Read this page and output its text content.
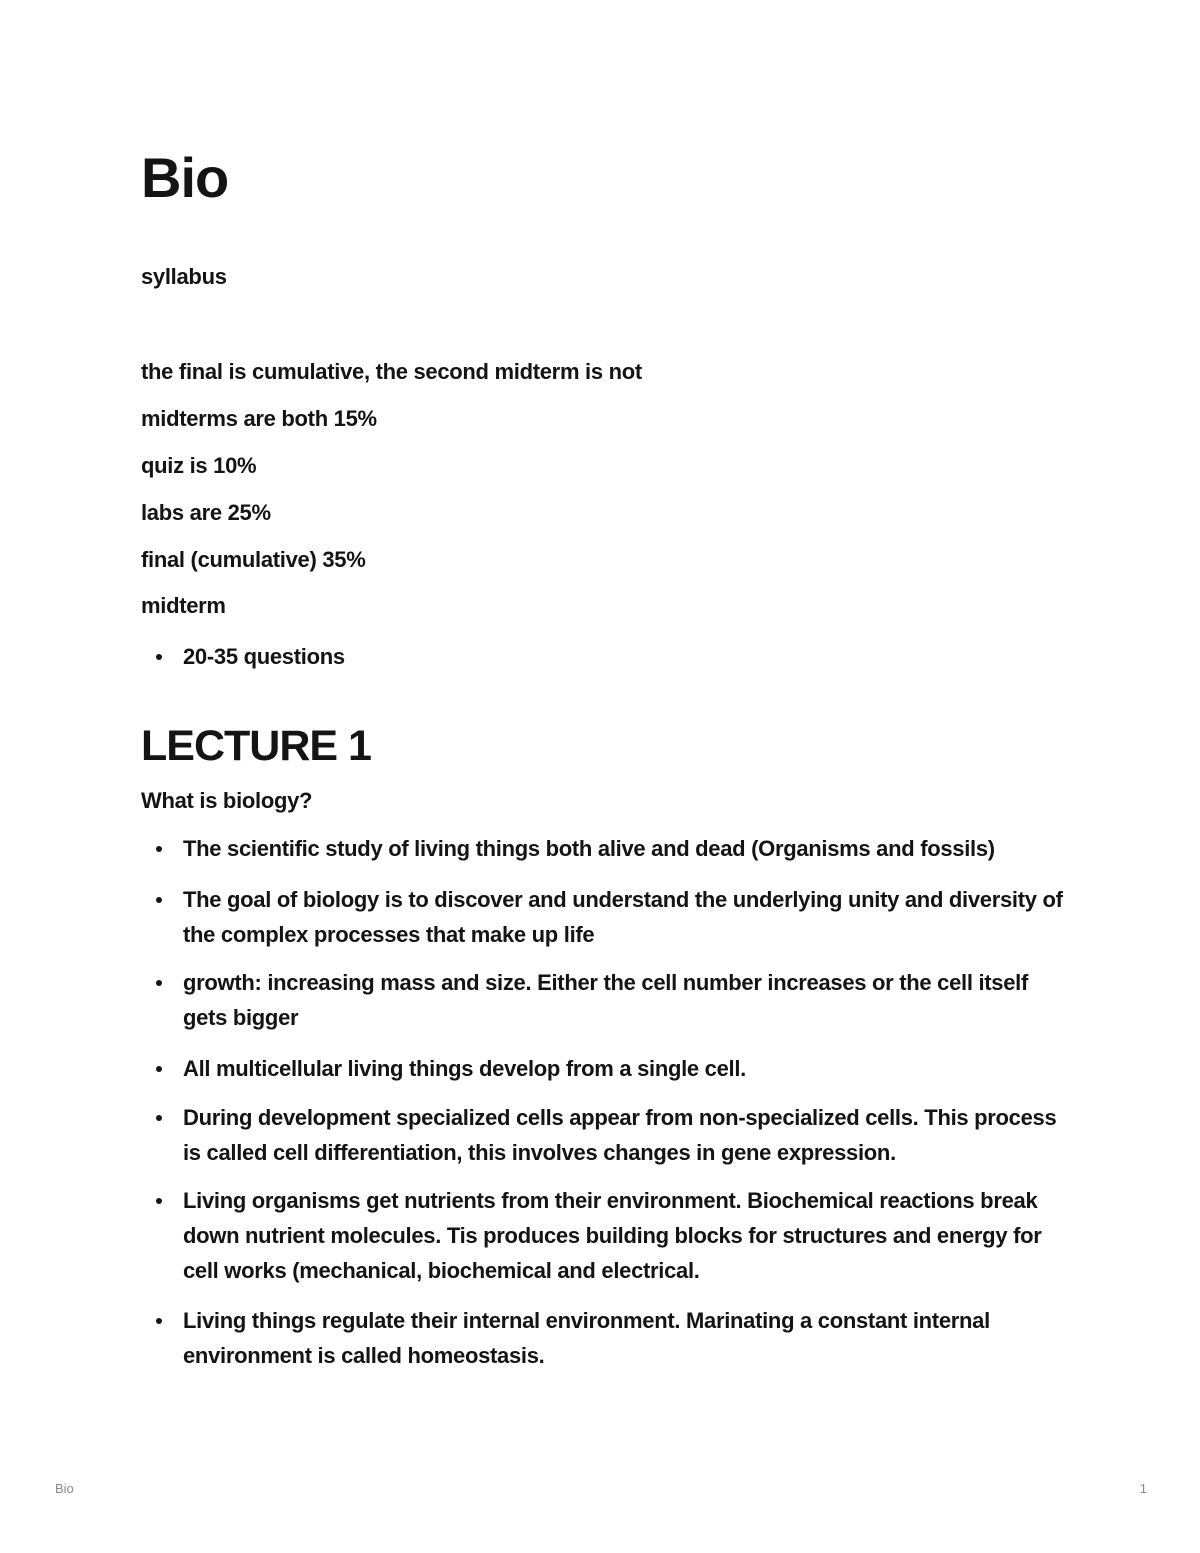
Bio

syllabus

the final is cumulative, the second midterm is not

midterms are both 15%

quiz is 10%

labs are 25%

final (cumulative) 35%

midterm

20-35 questions
LECTURE 1

What is biology?

The scientific study of living things both alive and dead (Organisms and fossils)
The goal of biology is to discover and understand the underlying unity and diversity of the complex processes that make up life
growth: increasing mass and size. Either the cell number increases or the cell itself gets bigger
All multicellular living things develop from a single cell.
During development specialized cells appear from non-specialized cells. This process is called cell differentiation, this involves changes in gene expression.
Living organisms get nutrients from their environment. Biochemical reactions break down nutrient molecules. Tis produces building blocks for structures and energy for cell works (mechanical, biochemical and electrical.
Living things regulate their internal environment. Marinating a constant internal environment is called homeostasis.
Bio	1
